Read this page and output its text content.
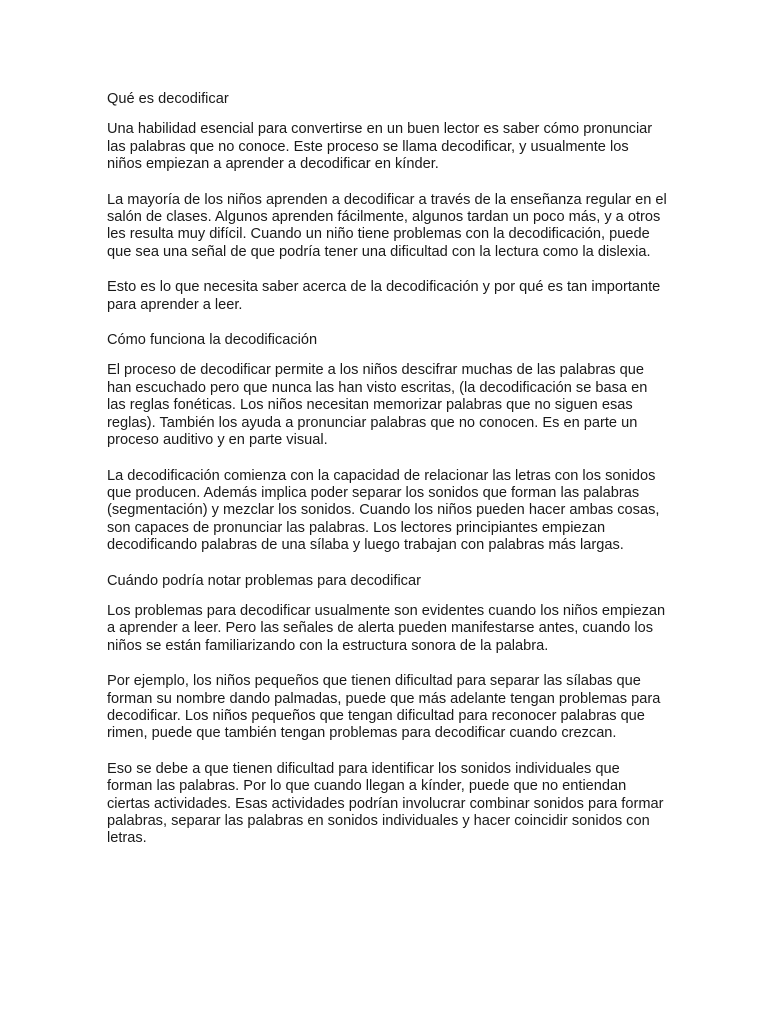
Qué es decodificar

Una habilidad esencial para convertirse en un buen lector es saber cómo pronunciar las palabras que no conoce. Este proceso se llama decodificar, y usualmente los niños empiezan a aprender a decodificar en kínder.

La mayoría de los niños aprenden a decodificar a través de la enseñanza regular en el salón de clases. Algunos aprenden fácilmente, algunos tardan un poco más, y a otros les resulta muy difícil. Cuando un niño tiene problemas con la decodificación, puede que sea una señal de que podría tener una dificultad con la lectura como la dislexia.

Esto es lo que necesita saber acerca de la decodificación y por qué es tan importante para aprender a leer.

Cómo funciona la decodificación

El proceso de decodificar permite a los niños descifrar muchas de las palabras que han escuchado pero que nunca las han visto escritas, (la decodificación se basa en las reglas fonéticas. Los niños necesitan memorizar palabras que no siguen esas reglas). También los ayuda a pronunciar palabras que no conocen. Es en parte un proceso auditivo y en parte visual.

La decodificación comienza con la capacidad de relacionar las letras con los sonidos que producen. Además implica poder separar los sonidos que forman las palabras (segmentación) y mezclar los sonidos. Cuando los niños pueden hacer ambas cosas, son capaces de pronunciar las palabras. Los lectores principiantes empiezan decodificando palabras de una sílaba y luego trabajan con palabras más largas.

Cuándo podría notar problemas para decodificar

Los problemas para decodificar usualmente son evidentes cuando los niños empiezan a aprender a leer. Pero las señales de alerta pueden manifestarse antes, cuando los niños se están familiarizando con la estructura sonora de la palabra.

Por ejemplo, los niños pequeños que tienen dificultad para separar las sílabas que forman su nombre dando palmadas, puede que más adelante tengan problemas para decodificar. Los niños pequeños que tengan dificultad para reconocer palabras que rimen, puede que también tengan problemas para decodificar cuando crezcan.

Eso se debe a que tienen dificultad para identificar los sonidos individuales que forman las palabras. Por lo que cuando llegan a kínder, puede que no entiendan ciertas actividades. Esas actividades podrían involucrar combinar sonidos para formar palabras, separar las palabras en sonidos individuales y hacer coincidir sonidos con letras.
